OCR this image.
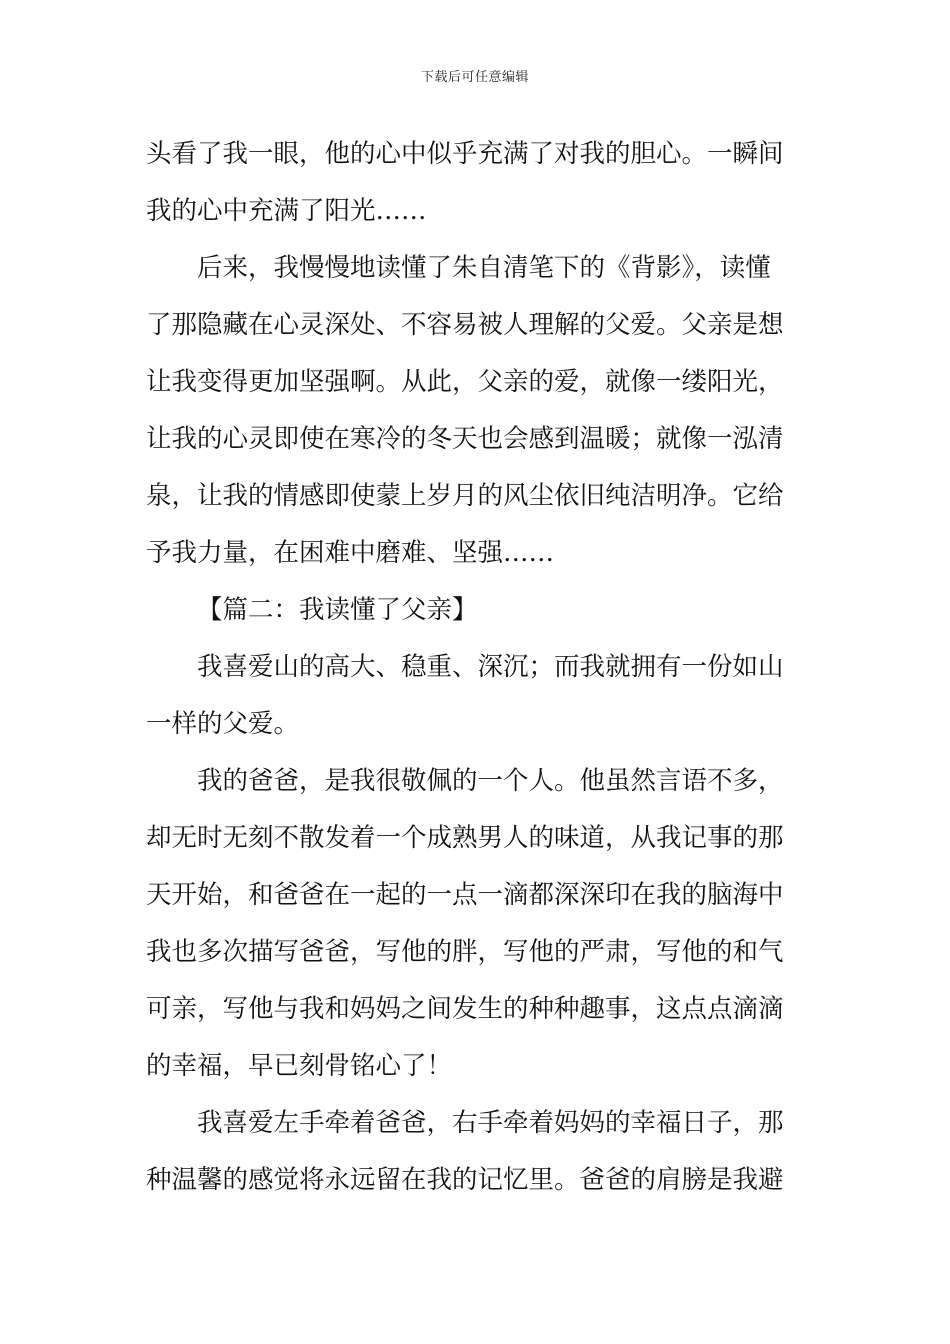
下载后可任意编辑
头看了我一眼，他的心中似乎充满了对我的胆心。一瞬间
我的心中充满了阳光……
后来，我慢慢地读懂了朱自清笔下的《背影》，读懂
了那隐藏在心灵深处、不容易被人理解的父爱。父亲是想
让我变得更加坚强啊。从此，父亲的爱，就像一缕阳光，
让我的心灵即使在寒冷的冬天也会感到温暖；就像一泓清
泉，让我的情感即使蒙上岁月的风尘依旧纯洁明净。它给
予我力量，在困难中磨难、坚强……
【篇二：我读懂了父亲】
我喜爱山的高大、稳重、深沉；而我就拥有一份如山
一样的父爱。
我的爸爸，是我很敬佩的一个人。他虽然言语不多，
却无时无刻不散发着一个成熟男人的味道，从我记事的那
天开始，和爸爸在一起的一点一滴都深深印在我的脑海中
我也多次描写爸爸，写他的胖，写他的严肃，写他的和气
可亲，写他与我和妈妈之间发生的种种趣事，这点点滴滴
的幸福，早已刻骨铭心了！
我喜爱左手牵着爸爸，右手牵着妈妈的幸福日子，那
种温馨的感觉将永远留在我的记忆里。爸爸的肩膀是我避
